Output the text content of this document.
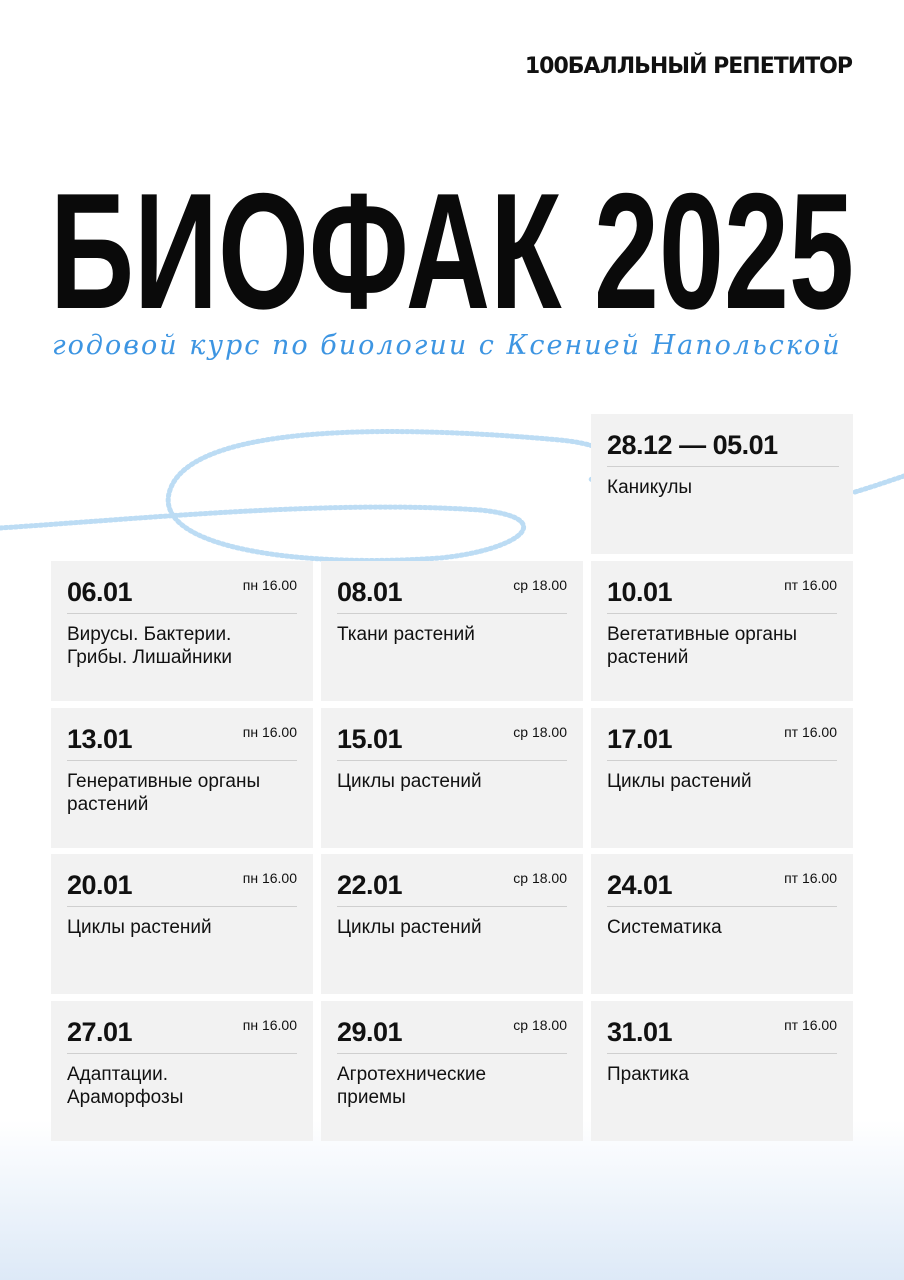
100БАЛЛЬНЫЙ РЕПЕТИТОР
БИОФАК 2025
годовой курс по биологии с Ксенией Напольской
28.12 — 05.01
Каникулы
06.01	пн 16.00
Вирусы. Бактерии.
Грибы. Лишайники
08.01	ср 18.00
Ткани растений
10.01	пт 16.00
Вегетативные органы
растений
13.01	пн 16.00
Генеративные органы
растений
15.01	ср 18.00
Циклы растений
17.01	пт 16.00
Циклы растений
20.01	пн 16.00
Циклы растений
22.01	ср 18.00
Циклы растений
24.01	пт 16.00
Систематика
27.01	пн 16.00
Адаптации.
Араморфозы
29.01	ср 18.00
Агротехнические
приемы
31.01	пт 16.00
Практика
